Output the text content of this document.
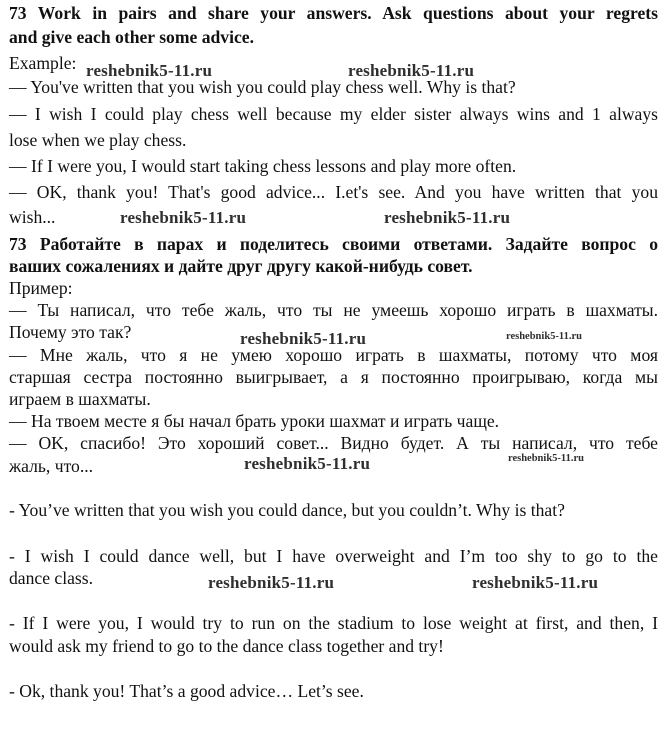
73 Work in pairs and share your answers. Ask questions about your regrets
and give each other some advice.
Example:
— You've written that you wish you could play chess well. Why is that?
— I wish I could play chess well because my elder sister always wins and 1 always
lose when we play chess.
— If I were you, I would start taking chess lessons and play more often.
— OK, thank you! That's good advice... I.et's see. And you have written that you
wish...
73 Работайте в парах и поделитесь своими ответами. Задайте вопрос о
ваших сожалениях и дайте друг другу какой-нибудь совет.
Пример:
— Ты написал, что тебе жаль, что ты не умеешь хорошо играть в шахматы.
Почему это так?
— Мне жаль, что я не умею хорошо играть в шахматы, потому что моя
старшая сестра постоянно выигрывает, а я постоянно проигрываю, когда мы
играем в шахматы.
— На твоем месте я бы начал брать уроки шахмат и играть чаще.
— OK, спасибо! Это хороший совет... Видно будет. А ты написал, что тебе
жаль, что...
- You’ve written that you wish you could dance, but you couldn’t. Why is that?
- I wish I could dance well, but I have overweight and I’m too shy to go to the
dance class.
- If I were you, I would try to run on the stadium to lose weight at first, and then, I
would ask my friend to go to the dance class together and try!
- Ok, thank you! That’s a good advice… Let’s see.
reshebnik5-11.ru	reshebnik5-11.ru
reshebnik5-11.ru	reshebnik5-11.ru
reshebnik5-11.ru	reshebnik5-11.ru
reshebnik5-11.ru	reshebnik5-11.ru
reshebnik5-11.ru	reshebnik5-11.ru
